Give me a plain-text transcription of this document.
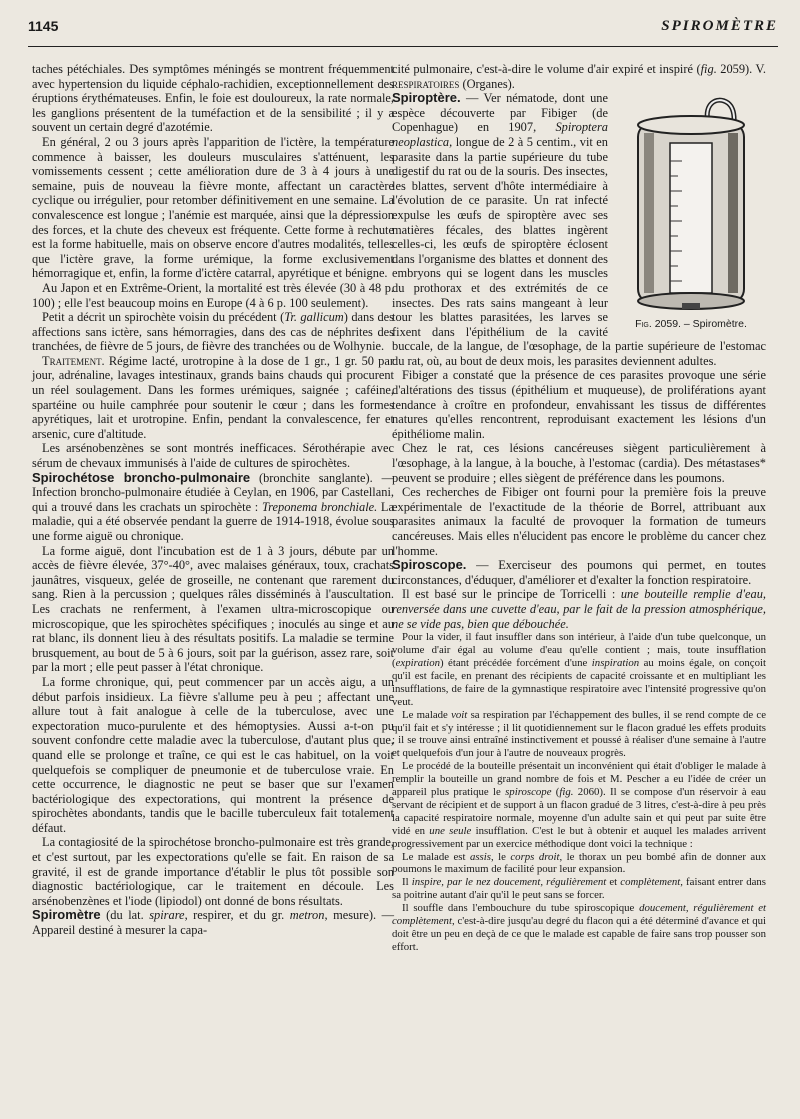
1145	SPIROMÈTRE

taches pétéchiales. Des symptômes méningés se montrent fréquemment avec hypertension du liquide céphalo-rachidien, exceptionnellement des éruptions érythémateuses. Enfin, le foie est douloureux, la rate normale, les ganglions présentent de la tuméfaction et de la sensibilité ; il y a souvent un certain degré d'azotémie.

En général, 2 ou 3 jours après l'apparition de l'ictère, la température commence à baisser, les douleurs musculaires s'atténuent, les vomissements cessent ; cette amélioration dure de 3 à 4 jours à une semaine, puis de nouveau la fièvre monte, affectant un caractère cyclique ou irrégulier, pour retomber définitivement en une semaine. La convalescence est longue ; l'anémie est marquée, ainsi que la dépression des forces, et la chute des cheveux est fréquente. Cette forme à rechute est la forme habituelle, mais on observe encore d'autres modalités, telles que l'ictère grave, la forme urémique, la forme exclusivement hémorragique et, enfin, la forme d'ictère catarral, apyrétique et bénigne.

Au Japon et en Extrême-Orient, la mortalité est très élevée (30 à 48 p. 100) ; elle l'est beaucoup moins en Europe (4 à 6 p. 100 seulement).

Petit a décrit un spirochète voisin du précédent (Tr. gallicum) dans des affections sans ictère, sans hémorragies, dans des cas de néphrites des tranchées, de fièvre de 5 jours, de fièvre des tranchées ou de Wolhynie.

Traitement. Régime lacté, urotropine à la dose de 1 gr., 1 gr. 50 par jour, adrénaline, lavages intestinaux, grands bains chauds qui procurent un réel soulagement. Dans les formes urémiques, saignée ; caféine, spartéine ou huile camphrée pour soutenir le cœur ; dans les formes apyrétiques, lait et urotropine. Enfin, pendant la convalescence, fer et arsenic, cure d'altitude.

Les arsénobenzènes se sont montrés inefficaces. Sérothérapie avec sérum de chevaux immunisés à l'aide de cultures de spirochètes.

Spirochétose broncho-pulmonaire (bronchite sanglante). — Infection broncho-pulmonaire étudiée à Ceylan, en 1906, par Castellani, qui a trouvé dans les crachats un spirochète : Treponema bronchiale. La maladie, qui a été observée pendant la guerre de 1914-1918, évolue sous une forme aiguë ou chronique.

La forme aiguë, dont l'incubation est de 1 à 3 jours, débute par un accès de fièvre élevée, 37°-40°, avec malaises généraux, toux, crachats jaunâtres, visqueux, gelée de groseille, ne contenant que rarement du sang. Rien à la percussion ; quelques râles disséminés à l'auscultation. Les crachats ne renferment, à l'examen ultra-microscopique ou microscopique, que les spirochètes spécifiques ; inoculés au singe et au rat blanc, ils donnent lieu à des résultats positifs. La maladie se termine brusquement, au bout de 5 à 6 jours, soit par la guérison, assez rare, soit par la mort ; elle peut passer à l'état chronique.

La forme chronique, qui, peut commencer par un accès aigu, a un début parfois insidieux. La fièvre s'allume peu à peu ; affectant une allure tout à fait analogue à celle de la tuberculose, avec une expectoration muco-purulente et des hémoptysies. Aussi a-t-on pu souvent confondre cette maladie avec la tuberculose, d'autant plus que, quand elle se prolonge et traîne, ce qui est le cas habituel, on la voit quelquefois se compliquer de pneumonie et de tuberculose vraie. En cette occurrence, le diagnostic ne peut se baser que sur l'examen bactériologique des expectorations, qui montrent la présence de spirochètes abondants, tandis que le bacille tuberculeux fait totalement défaut.

La contagiosité de la spirochétose broncho-pulmonaire est très grande, et c'est surtout, par les expectorations qu'elle se fait. En raison de sa gravité, il est de grande importance d'établir le plus tôt possible son diagnostic bactériologique, car le traitement en découle. Les arsénobenzènes et l'iode (lipiodol) ont donné de bons résultats.

Spiromètre (du lat. spirare, respirer, et du gr. metron, mesure). — Appareil destiné à mesurer la capa-

cité pulmonaire, c'est-à-dire le volume d'air expiré et inspiré (fig. 2059). V. respiratoires (Organes).

Fig. 2059. – Spiromètre.

Spiroptère. — Ver nématode, dont une espèce découverte par Fibiger (de Copenhague) en 1907, Spiroptera neoplastica, longue de 2 à 5 centim., vit en parasite dans la partie supérieure du tube digestif du rat ou de la souris. Des insectes, les blattes, servent d'hôte intermédiaire à l'évolution de ce parasite. Un rat infecté expulse les œufs de spiroptère avec ses matières fécales, des blattes ingèrent celles-ci, les œufs de spiroptère éclosent dans l'organisme des blattes et donnent des embryons qui se logent dans les muscles du prothorax et des extrémités de ce insectes. Des rats sains mangeant à leur tour les blattes parasitées, les larves se fixent dans l'épithélium de la cavité buccale, de la langue, de l'œsophage, de la partie supérieure de l'estomac du rat, où, au bout de deux mois, les parasites deviennent adultes.

Fibiger a constaté que la présence de ces parasites provoque une série d'altérations des tissus (épithélium et muqueuse), de proliférations ayant tendance à croître en profondeur, envahissant les tissus de différentes natures qu'elles rencontrent, reproduisant exactement les lésions d'un épithéliome malin.

Chez le rat, ces lésions cancéreuses siègent particulièrement à l'œsophage, à la langue, à la bouche, à l'estomac (cardia). Des métastases* peuvent se produire ; elles siègent de préférence dans les poumons.

Ces recherches de Fibiger ont fourni pour la première fois la preuve expérimentale de l'exactitude de la théorie de Borrel, attribuant aux parasites animaux la faculté de provoquer la formation de tumeurs cancéreuses. Mais elles n'élucident pas encore le problème du cancer chez l'homme.

Spiroscope. — Exerciseur des poumons qui permet, en toutes circonstances, d'éduquer, d'améliorer et d'exalter la fonction respiratoire.

Il est basé sur le principe de Torricelli : une bouteille remplie d'eau, renversée dans une cuvette d'eau, par le fait de la pression atmosphérique, ne se vide pas, bien que débouchée.

Pour la vider, il faut insuffler dans son intérieur, à l'aide d'un tube quelconque, un volume d'air égal au volume d'eau qu'elle contient ; mais, toute insufflation (expiration) étant précédée forcément d'une inspiration au moins égale, on conçoit qu'il est facile, en prenant des récipients de capacité croissante et en multipliant les insufflations, de faire de la gymnastique respiratoire avec l'intensité progressive qu'on veut.

Le malade voit sa respiration par l'échappement des bulles, il se rend compte de ce qu'il fait et s'y intéresse ; il lit quotidiennement sur le flacon gradué les effets produits ; il se trouve ainsi entraîné instinctivement et poussé à réaliser d'une semaine à l'autre et quelquefois d'un jour à l'autre de nouveaux progrès.

Le procédé de la bouteille présentait un inconvénient qui était d'obliger le malade à remplir la bouteille un grand nombre de fois et M. Pescher a eu l'idée de créer un appareil plus pratique le spiroscope (fig. 2060). Il se compose d'un réservoir à eau servant de récipient et de support à un flacon gradué de 3 litres, c'est-à-dire à peu près la capacité respiratoire normale, moyenne d'un adulte sain et qui peut par suite être vidé en une seule insufflation. C'est le but à obtenir et auquel les malades arrivent progressivement par un exercice méthodique dont voici la technique :

Le malade est assis, le corps droit, le thorax un peu bombé afin de donner aux poumons le maximum de facilité pour leur expansion.

Il inspire, par le nez doucement, régulièrement et complètement, faisant entrer dans sa poitrine autant d'air qu'il le peut sans se forcer.

Il souffle dans l'embouchure du tube spiroscopique doucement, régulièrement et complètement, c'est-à-dire jusqu'au degré du flacon qui a été déterminé d'avance et qui doit être un peu en deçà de ce que le malade est capable de faire sans trop pousser son effort.
